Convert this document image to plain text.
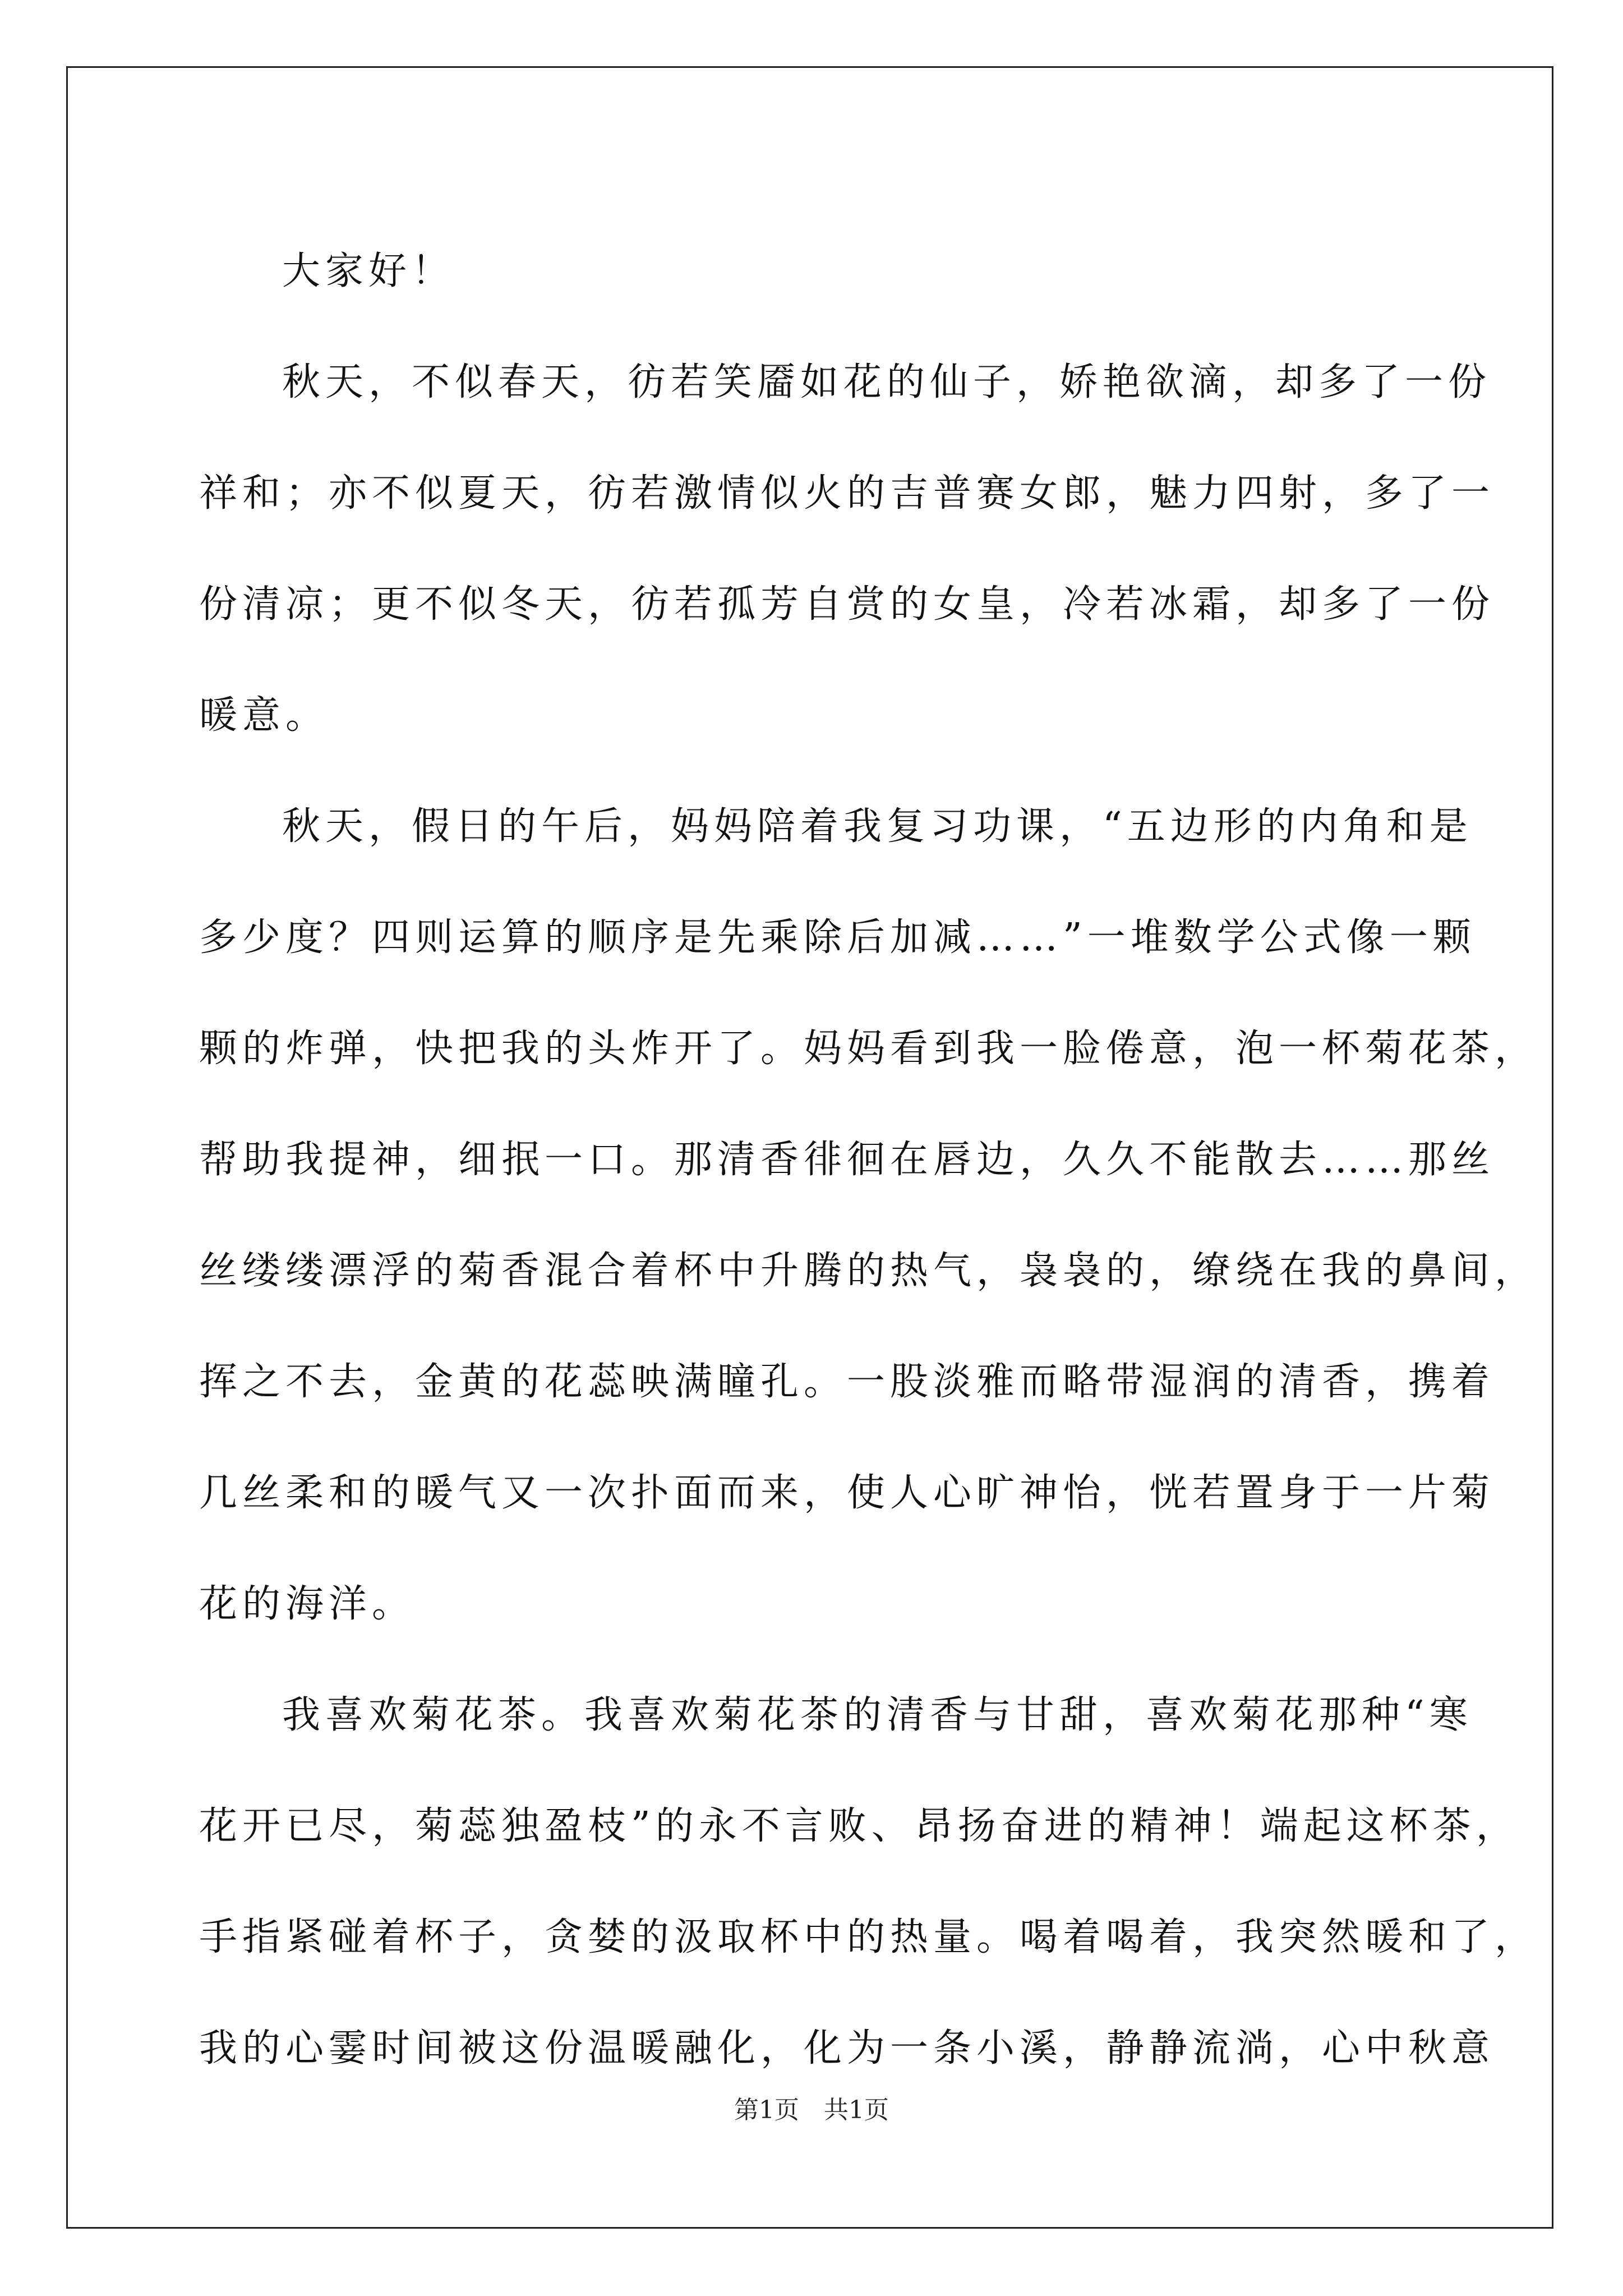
大家好！
秋天，不似春天，彷若笑靥如花的仙子，娇艳欲滴，却多了一份
祥和；亦不似夏天，彷若激情似火的吉普赛女郎，魅力四射，多了一
份清凉；更不似冬天，彷若孤芳自赏的女皇，冷若冰霜，却多了一份
暖意。
秋天，假日的午后，妈妈陪着我复习功课，“五边形的内角和是
多少度？四则运算的顺序是先乘除后加减……”一堆数学公式像一颗
颗的炸弹，快把我的头炸开了。妈妈看到我一脸倦意，泡一杯菊花茶，
帮助我提神，细抿一口。那清香徘徊在唇边，久久不能散去……那丝
丝缕缕漂浮的菊香混合着杯中升腾的热气，袅袅的，缭绕在我的鼻间，
挥之不去，金黄的花蕊映满瞳孔。一股淡雅而略带湿润的清香，携着
几丝柔和的暖气又一次扑面而来，使人心旷神怡，恍若置身于一片菊
花的海洋。
我喜欢菊花茶。我喜欢菊花茶的清香与甘甜，喜欢菊花那种“寒
花开已尽，菊蕊独盈枝”的永不言败、昂扬奋进的精神！端起这杯茶，
手指紧碰着杯子，贪婪的汲取杯中的热量。喝着喝着，我突然暖和了，
我的心霎时间被这份温暖融化，化为一条小溪，静静流淌，心中秋意
第1页　共1页
